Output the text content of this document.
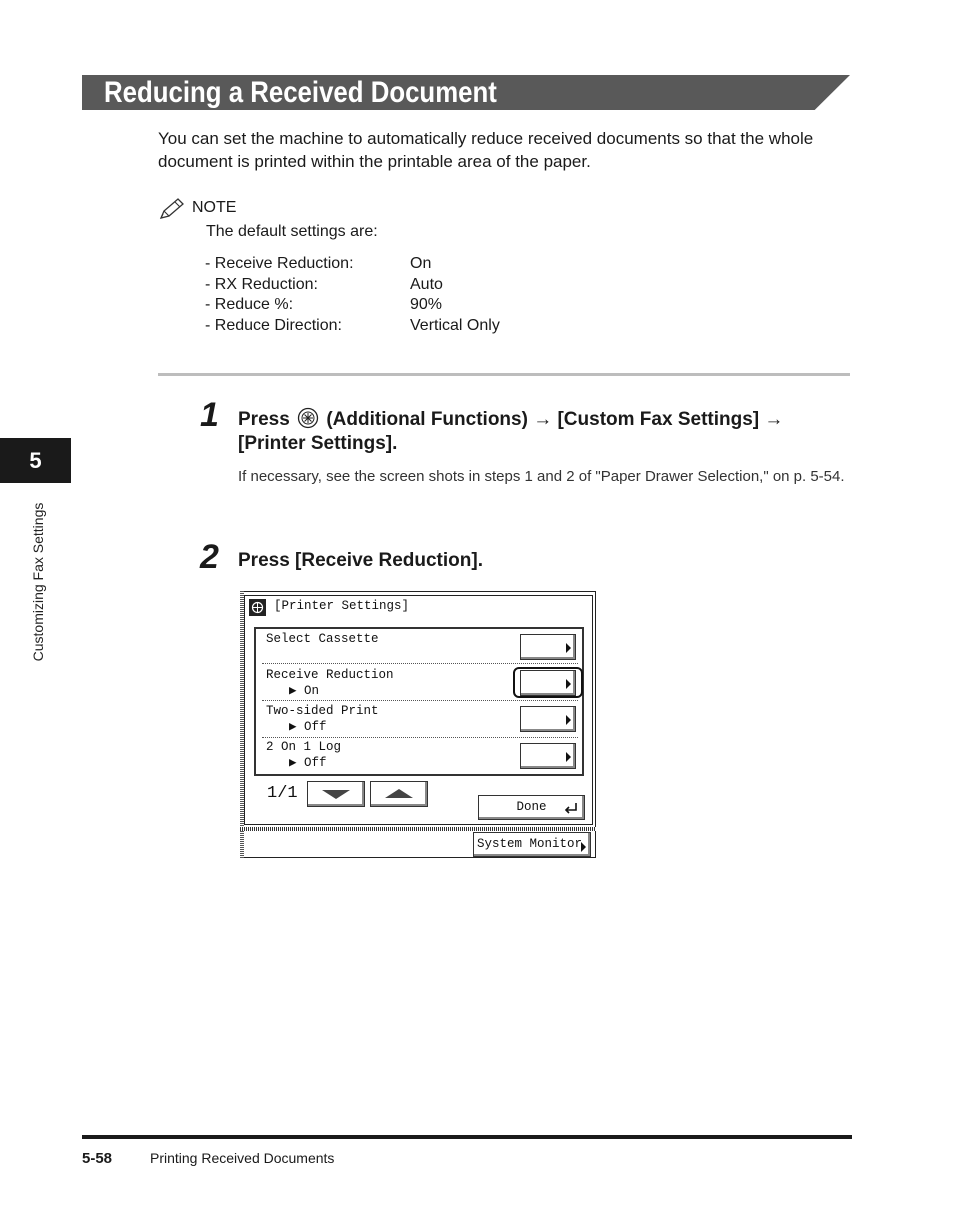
Reducing a Received Document

You can set the machine to automatically reduce received documents so that the whole document is printed within the printable area of the paper.

NOTE
The default settings are:
- Receive Reduction:	On
- RX Reduction:	Auto
- Reduce %:	90%
- Reduce Direction:	Vertical Only
1 Press (Additional Functions) → [Custom Fax Settings] → [Printer Settings].
If necessary, see the screen shots in steps 1 and 2 of "Paper Drawer Selection," on p. 5-54.
2 Press [Receive Reduction].
5
Customizing Fax Settings	[Printer Settings]
Select Cassette
Receive Reduction
▶ On
Two-sided Print
▶ Off
2 On 1 Log
▶ Off
1/1
Done
System Monitor
5-58	Printing Received Documents
